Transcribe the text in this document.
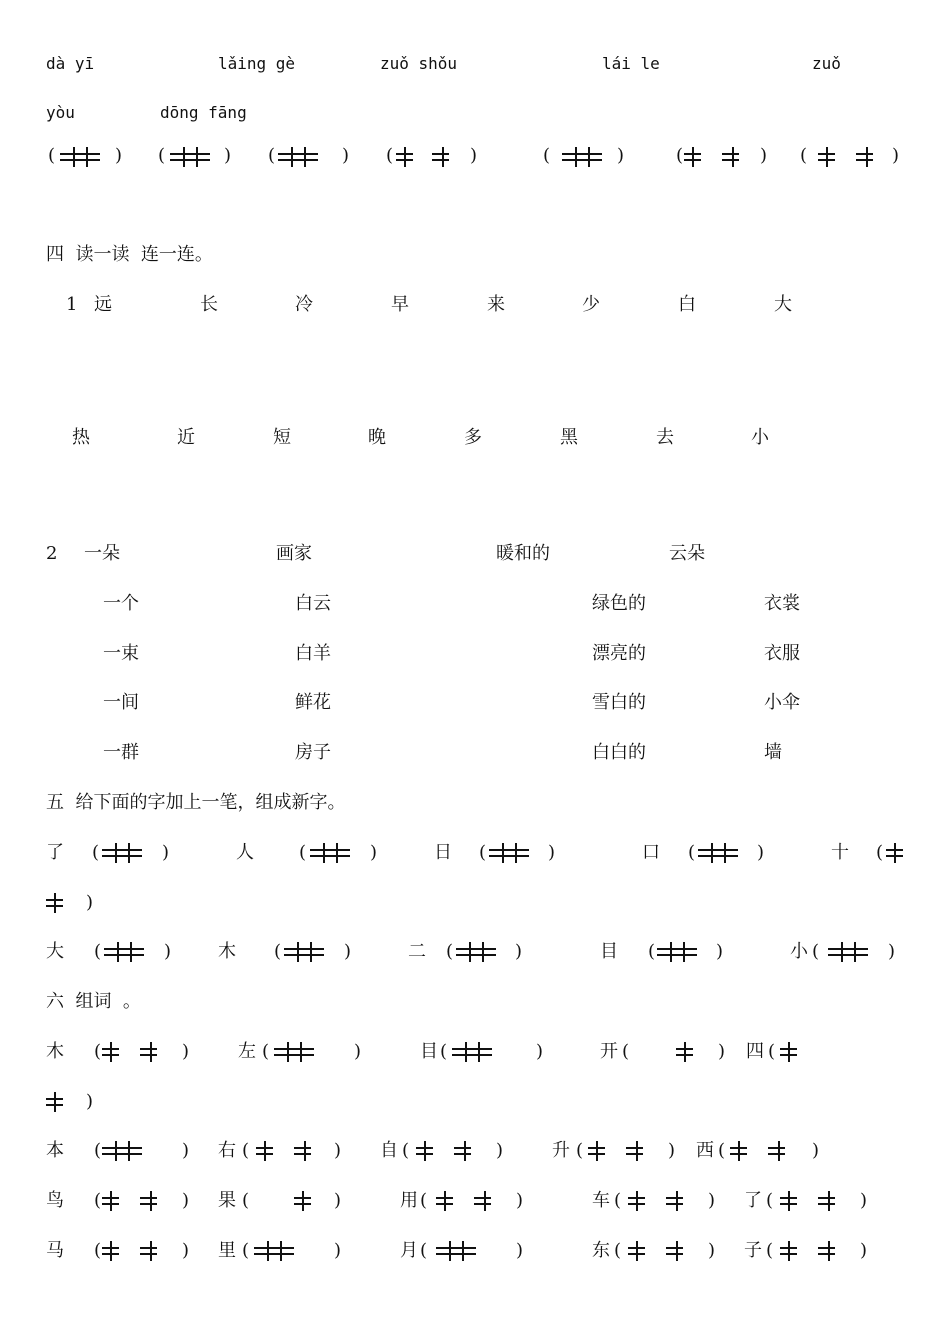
dà yī	lǎing gè	zuǒ shǒu	lái le	zuǒ
yòu	dōng fāng
(	) (	) (	) (	)	(	)	(	) (	)
四  读一读  连一连。
1 远	长	冷	早	来	少	白	大
热	近	短	晚	多	黑	去	小
2 一朵	画家	暖和的	云朵
一个	白云	绿色的	衣裳
一束	白羊	漂亮的	衣服
一间	鲜花	雪白的	小伞
一群	房子	白白的	墙
五  给下面的字加上一笔，组成新字。
了 (	)	人	(	)	日 (	)	口 (	)	十 (
)
大 (	)	木 (	)	二 (	)	目 (	)	小 (	)
六  组词  。
木 (	)	左 (	)	目 (	)	开 (	) 四 (
)
本 (	) 右 (	) 自 (	)	升 (	) 西 (	)
鸟 (	) 果 (	)	用 (	)	车 (	) 了 (	)
马 (	) 里 (	)	月 (	)	东 (	) 子 (	)
